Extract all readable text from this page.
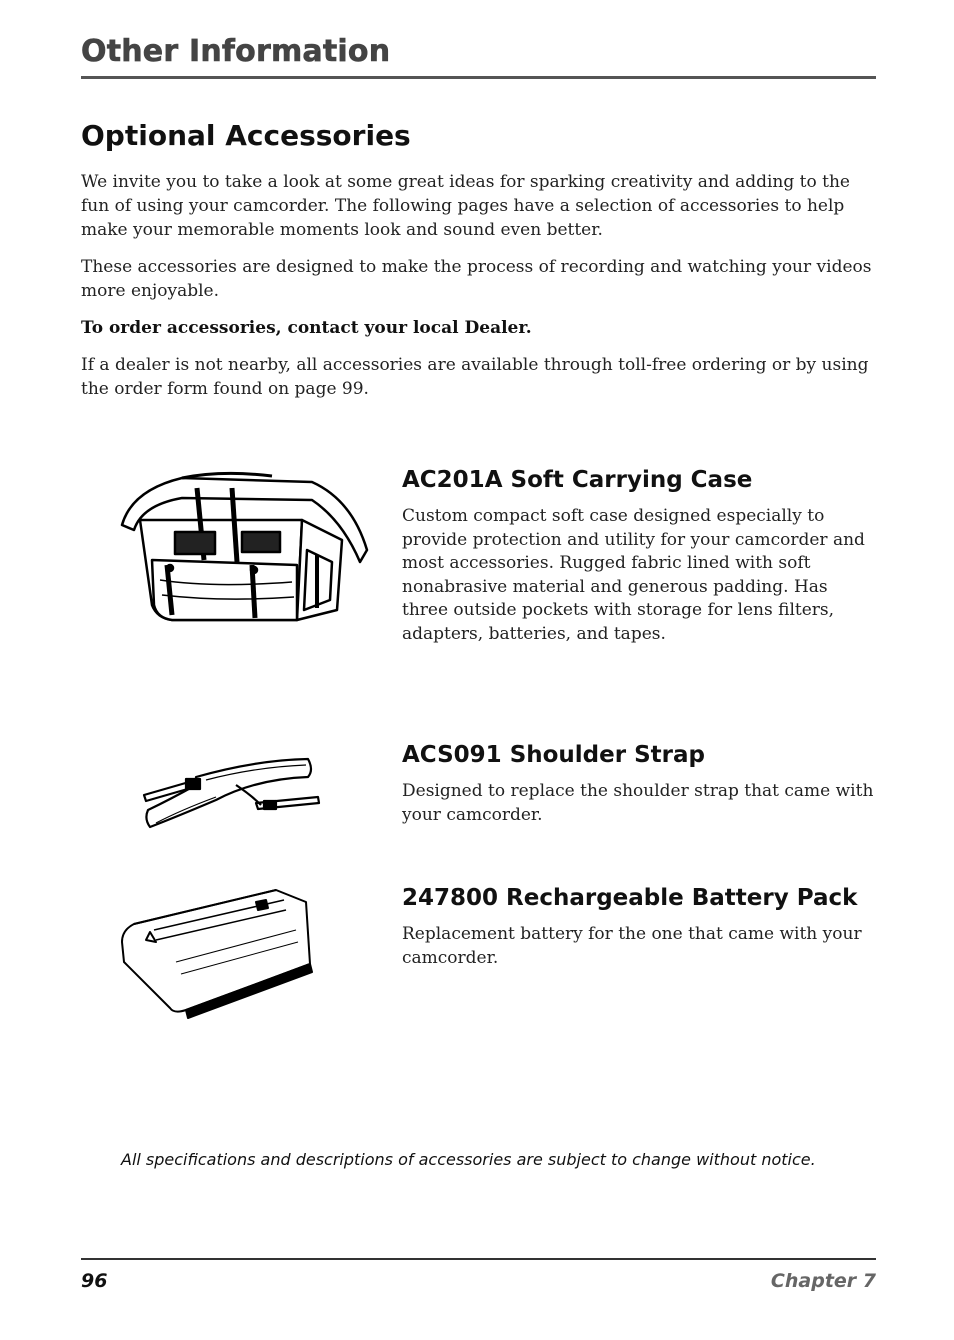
Other Information
Optional Accessories

We invite you to take a look at some great ideas for sparking creativity and adding to the fun of using your camcorder. The following pages have a selection of accessories to help make your memorable moments look and sound even better.

These accessories are designed to make the process of recording and watching your videos more enjoyable.

To order accessories, contact your local Dealer.

If a dealer is not nearby, all accessories are available through toll-free ordering or by using the order form found on page 99.

AC201A Soft Carrying Case

Custom compact soft case designed especially to provide protection and utility for your camcorder and most accessories. Rugged fabric lined with soft nonabrasive material and generous padding. Has three outside pockets with storage for lens filters, adapters, batteries, and tapes.

ACS091 Shoulder Strap

Designed to replace the shoulder strap that came with your camcorder.

247800 Rechargeable Battery Pack

Replacement battery for the one that came with your camcorder.

All specifications and descriptions of accessories are subject to change without notice.

96	Chapter 7
